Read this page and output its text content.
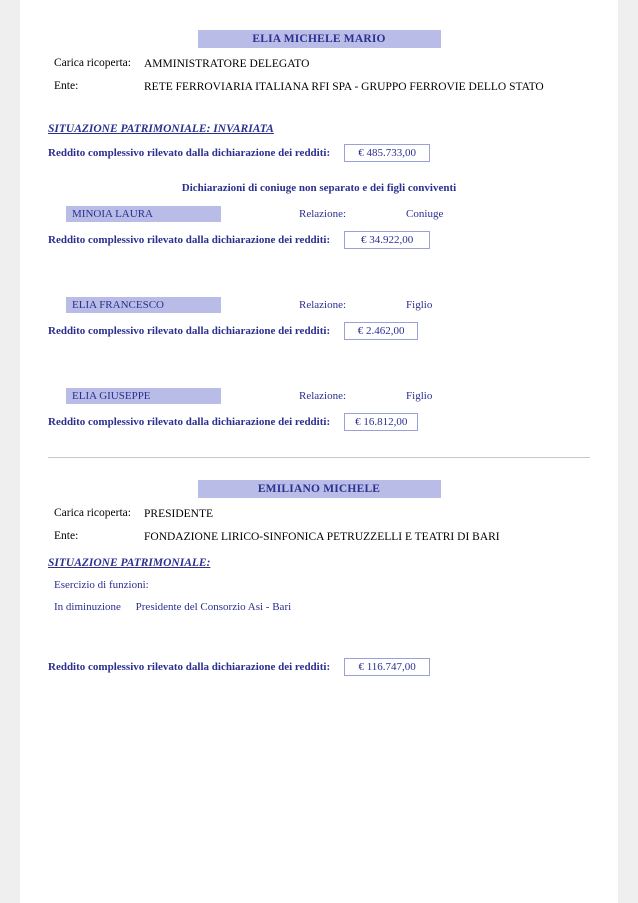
ELIA MICHELE MARIO
Carica ricoperta:	AMMINISTRATORE DELEGATO
Ente:	RETE FERROVIARIA ITALIANA RFI SPA - GRUPPO FERROVIE DELLO STATO
SITUAZIONE PATRIMONIALE: INVARIATA
Reddito complessivo rilevato dalla dichiarazione dei redditi:	€ 485.733,00
Dichiarazioni di coniuge non separato e dei figli conviventi
MINOIA LAURA	Relazione:	Coniuge
Reddito complessivo rilevato dalla dichiarazione dei redditi:	€ 34.922,00
ELIA FRANCESCO	Relazione:	Figlio
Reddito complessivo rilevato dalla dichiarazione dei redditi:	€ 2.462,00
ELIA GIUSEPPE	Relazione:	Figlio
Reddito complessivo rilevato dalla dichiarazione dei redditi:	€ 16.812,00
EMILIANO MICHELE
Carica ricoperta:	PRESIDENTE
Ente:	FONDAZIONE LIRICO-SINFONICA PETRUZZELLI E TEATRI DI BARI
SITUAZIONE PATRIMONIALE:
Esercizio di funzioni:
In diminuzione Presidente del Consorzio Asi - Bari
Reddito complessivo rilevato dalla dichiarazione dei redditi:	€ 116.747,00
